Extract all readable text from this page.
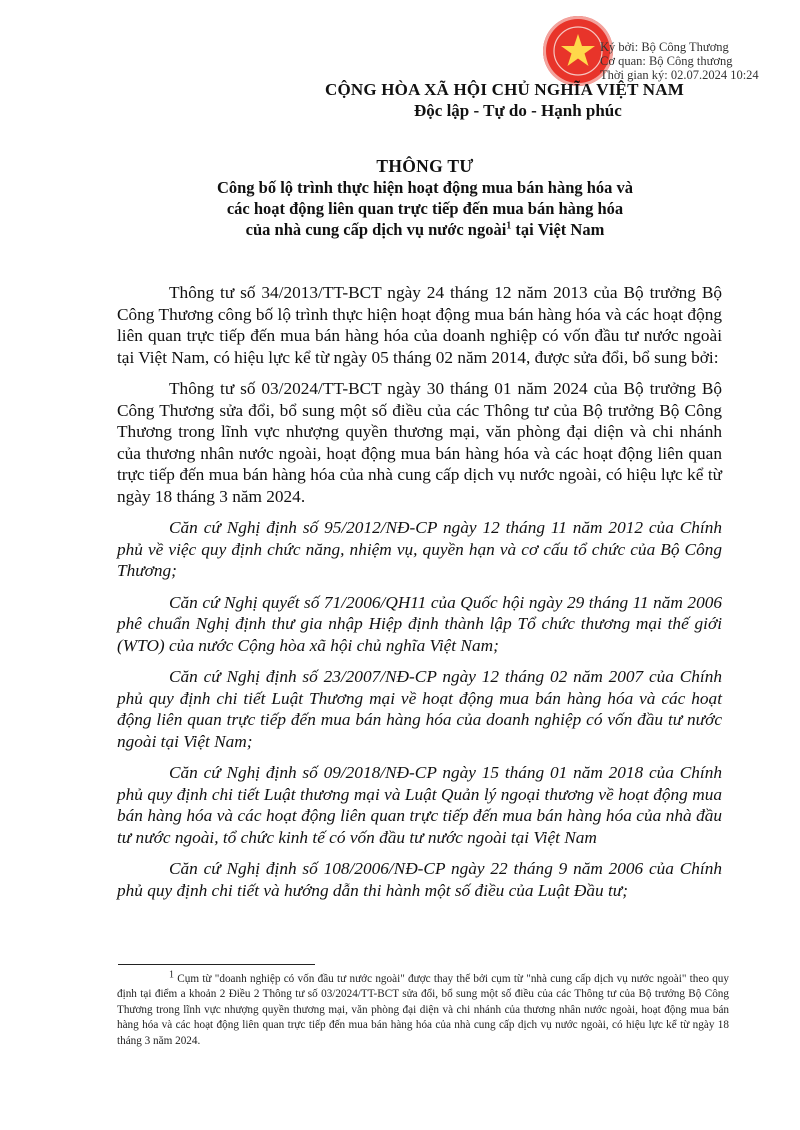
Ký bởi: Bộ Công Thương
Cơ quan: Bộ Công thương
Thời gian ký: 02.07.2024 10:24
CỘNG HÒA XÃ HỘI CHỦ NGHĨA VIỆT NAM
Độc lập - Tự do - Hạnh phúc
THÔNG TƯ
Công bố lộ trình thực hiện hoạt động mua bán hàng hóa và
các hoạt động liên quan trực tiếp đến mua bán hàng hóa
của nhà cung cấp dịch vụ nước ngoài$^1$ tại Việt Nam

Thông tư số 34/2013/TT-BCT ngày 24 tháng 12 năm 2013 của Bộ trưởng Bộ Công Thương công bố lộ trình thực hiện hoạt động mua bán hàng hóa và các hoạt động liên quan trực tiếp đến mua bán hàng hóa của doanh nghiệp có vốn đầu tư nước ngoài tại Việt Nam, có hiệu lực kể từ ngày 05 tháng 02 năm 2014, được sửa đổi, bổ sung bởi:

Thông tư số 03/2024/TT-BCT ngày 30 tháng 01 năm 2024 của Bộ trưởng Bộ Công Thương sửa đổi, bổ sung một số điều của các Thông tư của Bộ trưởng Bộ Công Thương trong lĩnh vực nhượng quyền thương mại, văn phòng đại diện và chi nhánh của thương nhân nước ngoài, hoạt động mua bán hàng hóa và các hoạt động liên quan trực tiếp đến mua bán hàng hóa của nhà cung cấp dịch vụ nước ngoài, có hiệu lực kể từ ngày 18 tháng 3 năm 2024.

Căn cứ Nghị định số 95/2012/NĐ-CP ngày 12 tháng 11 năm 2012 của Chính phủ về việc quy định chức năng, nhiệm vụ, quyền hạn và cơ cấu tổ chức của Bộ Công Thương;

Căn cứ Nghị quyết số 71/2006/QH11 của Quốc hội ngày 29 tháng 11 năm 2006 phê chuẩn Nghị định thư gia nhập Hiệp định thành lập Tổ chức thương mại thế giới (WTO) của nước Cộng hòa xã hội chủ nghĩa Việt Nam;

Căn cứ Nghị định số 23/2007/NĐ-CP ngày 12 tháng 02 năm 2007 của Chính phủ quy định chi tiết Luật Thương mại về hoạt động mua bán hàng hóa và các hoạt động liên quan trực tiếp đến mua bán hàng hóa của doanh nghiệp có vốn đầu tư nước ngoài tại Việt Nam;

Căn cứ Nghị định số 09/2018/NĐ-CP ngày 15 tháng 01 năm 2018 của Chính phủ quy định chi tiết Luật thương mại và Luật Quản lý ngoại thương về hoạt động mua bán hàng hóa và các hoạt động liên quan trực tiếp đến mua bán hàng hóa của nhà đầu tư nước ngoài, tổ chức kinh tế có vốn đầu tư nước ngoài tại Việt Nam

Căn cứ Nghị định số 108/2006/NĐ-CP ngày 22 tháng 9 năm 2006 của Chính phủ quy định chi tiết và hướng dẫn thi hành một số điều của Luật Đầu tư;

$^1$ Cụm từ "doanh nghiệp có vốn đầu tư nước ngoài" được thay thế bởi cụm từ "nhà cung cấp dịch vụ nước ngoài" theo quy định tại điểm a khoản 2 Điều 2 Thông tư số 03/2024/TT-BCT sửa đổi, bổ sung một số điều của các Thông tư của Bộ trưởng Bộ Công Thương trong lĩnh vực nhượng quyền thương mại, văn phòng đại diện và chi nhánh của thương nhân nước ngoài, hoạt động mua bán hàng hóa và các hoạt động liên quan trực tiếp đến mua bán hàng hóa của nhà cung cấp dịch vụ nước ngoài, có hiệu lực kể từ ngày 18 tháng 3 năm 2024.
